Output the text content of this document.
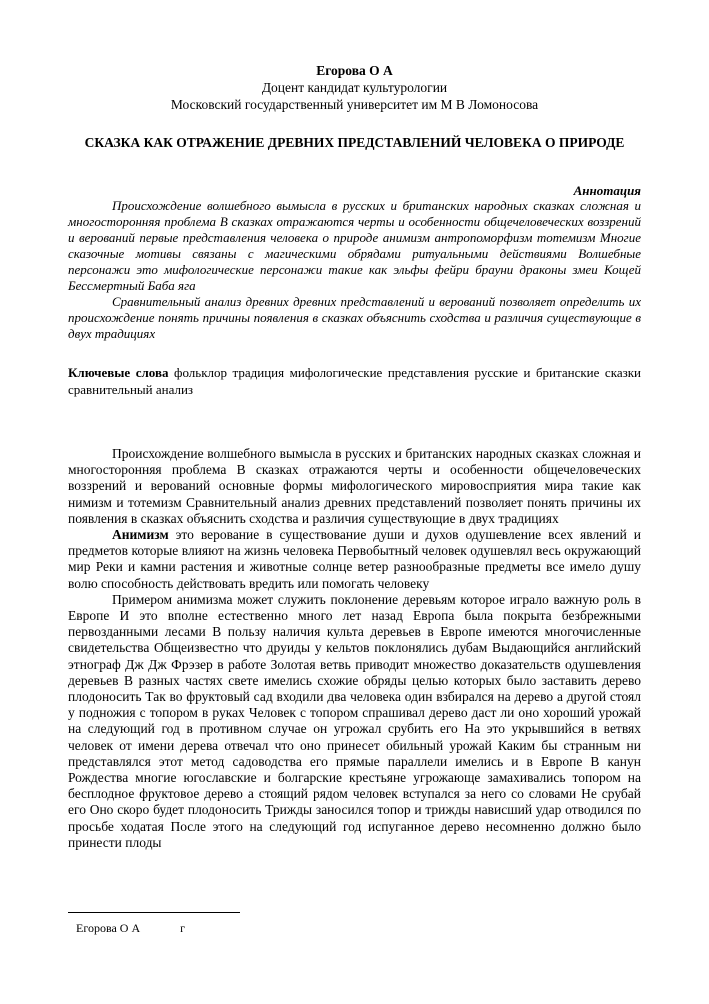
Егорова О А
Доцент кандидат культурологии
Московский государственный университет им М В Ломоносова
СКАЗКА КАК ОТРАЖЕНИЕ ДРЕВНИХ ПРЕДСТАВЛЕНИЙ ЧЕЛОВЕКА О ПРИРОДЕ
Аннотация

Происхождение волшебного вымысла в русских и британских народных сказках сложная и многосторонняя проблема В сказках отражаются черты и особенности общечеловеческих воззрений и верований первые представления человека о природе анимизм антропоморфизм тотемизм Многие сказочные мотивы связаны с магическими обрядами ритуальными действиями Волшебные персонажи это мифологические персонажи такие как эльфы фейри брауни драконы змеи Кощей Бессмертный Баба яга

Сравнительный анализ древних древних представлений и верований позволяет определить их происхождение понять причины появления в сказках объяснить сходства и различия существующие в двух традициях

Ключевые слова фольклор традиция мифологические представления русские и британские сказки сравнительный анализ

Происхождение волшебного вымысла в русских и британских народных сказках сложная и многосторонняя проблема В сказках отражаются черты и особенности общечеловеческих воззрений и верований основные формы мифологического мировосприятия мира такие как нимизм и тотемизм Сравнительный анализ древних представлений позволяет понять причины их появления в сказках объяснить сходства и различия существующие в двух традициях

Анимизм это верование в существование души и духов одушевление всех явлений и предметов которые влияют на жизнь человека Первобытный человек одушевлял весь окружающий мир Реки и камни растения и животные солнце ветер разнообразные предметы все имело душу волю способность действовать вредить или помогать человеку

Примером анимизма может служить поклонение деревьям которое играло важную роль в Европе И это вполне естественно много лет назад Европа была покрыта безбрежными первозданными лесами В пользу наличия культа деревьев в Европе имеются многочисленные свидетельства Общеизвестно что друиды у кельтов поклонялись дубам Выдающийся английский этнограф Дж Дж Фрэзер в работе Золотая ветвь приводит множество доказательств одушевления деревьев В разных частях свете имелись схожие обряды целью которых было заставить дерево плодоносить Так во фруктовый сад входили два человека один взбирался на дерево а другой стоял у подножия с топором в руках Человек с топором спрашивал дерево даст ли оно хороший урожай на следующий год в противном случае он угрожал срубить его На это укрывшийся в ветвях человек от имени дерева отвечал что оно принесет обильный урожай Каким бы странным ни представлялся этот метод садоводства его прямые параллели имелись и в Европе В канун Рождества многие югославские и болгарские крестьяне угрожающе замахивались топором на бесплодное фруктовое дерево а стоящий рядом человек вступался за него со словами Не срубай его Оно скоро будет плодоносить Трижды заносился топор и трижды нависший удар отводился по просьбе ходатая После этого на следующий год испуганное дерево несомненно должно было принести плоды

Егорова О А	г
